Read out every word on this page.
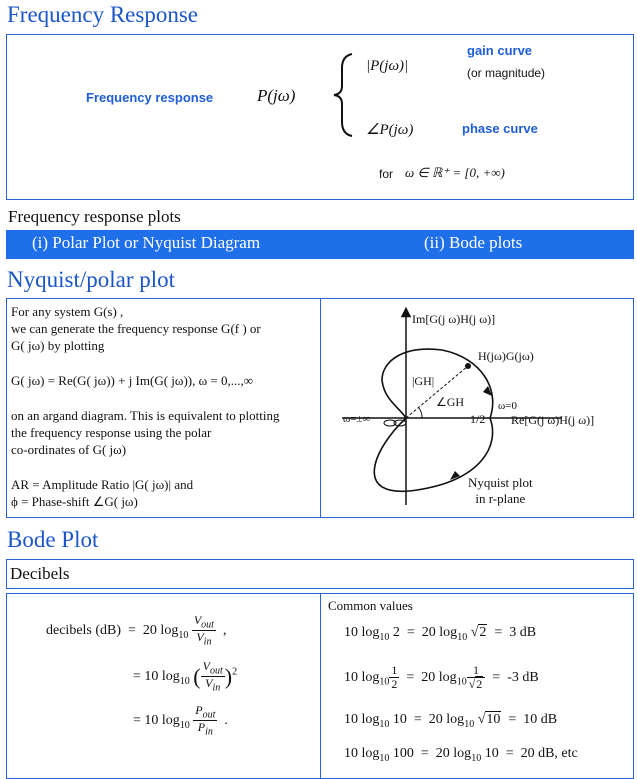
Frequency Response
Frequency response	P(jω)
|P(jω)|
∠P(jω)
gain curve
(or magnitude)
phase curve
for ω ∈ ℝ⁺ = [0, +∞)
Frequency response plots
(i) Polar Plot or Nyquist Diagram	(ii) Bode plots
Nyquist/polar plot
For any system G(s) ,
we can generate the frequency response G(f ) or
G( jω) by plotting
G( jω) = Re(G( jω)) + j Im(G( jω)), ω = 0,...,∞
on an argand diagram. This is equivalent to plotting
the frequency response using the polar
co-ordinates of G( jω)
AR = Amplitude Ratio |G( jω)| and
ϕ = Phase-shift ∠G( jω)
Im[G(j ω)H(j ω)]
H(jω)G(jω)
|GH|
∠GH	ω=0
1/2 Re[G(j ω)H(j ω)]
ω=±∞
Nyquist plot
in r-plane
Bode Plot
Decibels
decibels (dB)  =  20 $\log_{10} \frac{V_{out}}{V_{in}}$ ,
= 10 $\log_{10}$ ( $\frac{V_{out}}{V_{in}} )^2$
= 10 $\log_{10} \frac{P_{out}}{P_{in}}$ .
Common values
10 $\log_{10} 2 = 20$ $\log_{10} √2 = 3$ dB
10 $\log_{10} \frac{1}{2} = 20$ $\log_{10} \frac{1}{√2} = -3$ dB
10 $\log_{10} 10 = 20$ $\log_{10} √10 = 10$ dB
10 $\log_{10} 100 = 20$ $\log_{10} 10 = 20$ dB, etc
